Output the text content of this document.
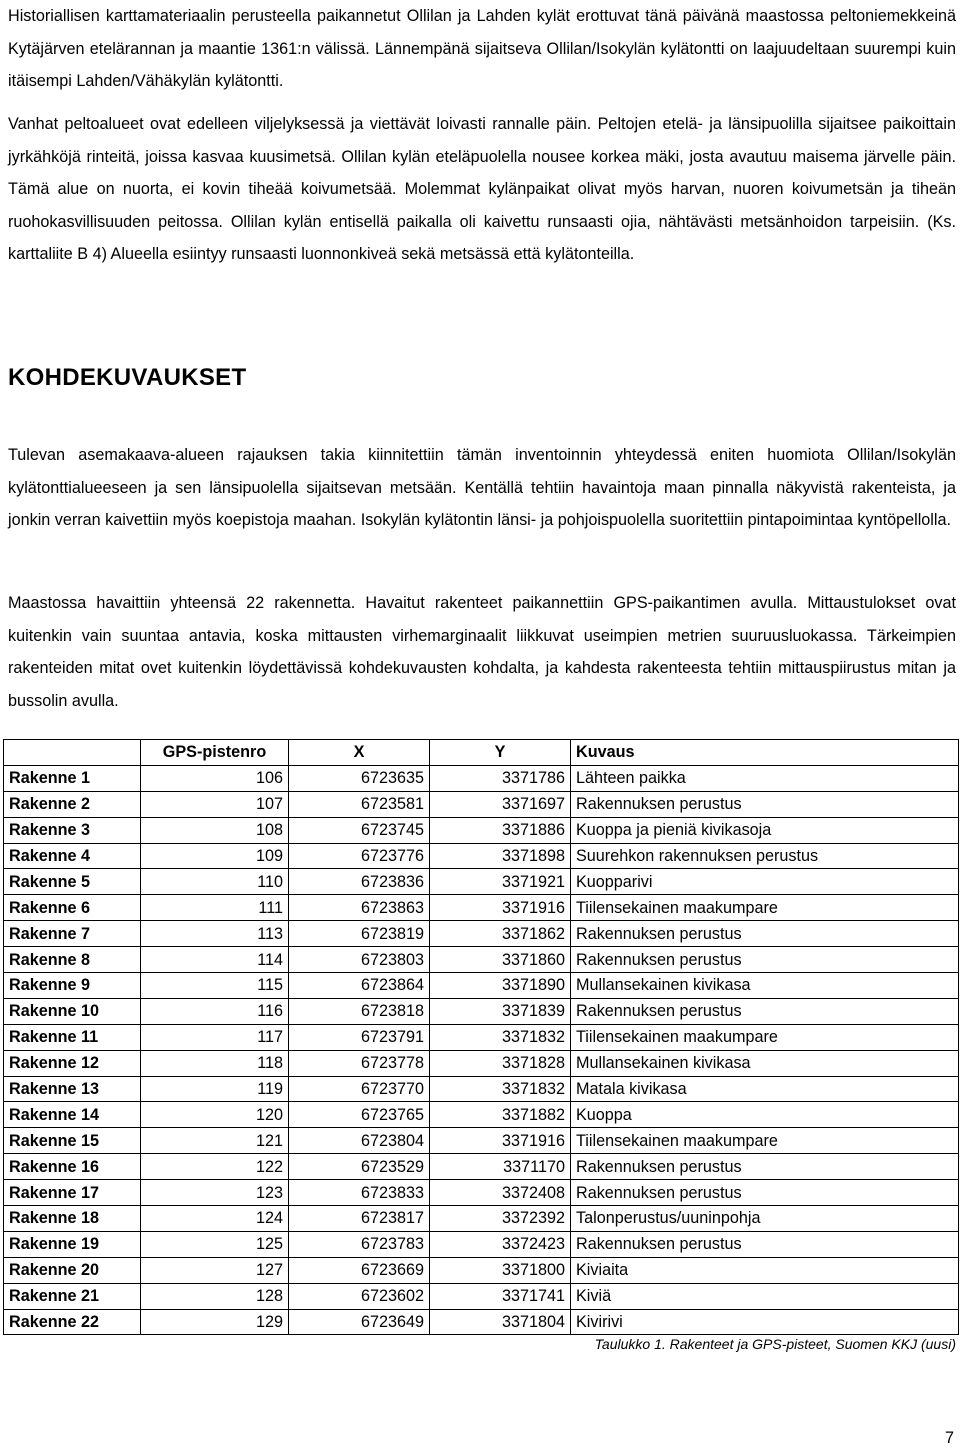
Historiallisen karttamateriaalin perusteella paikannetut Ollilan ja Lahden kylät erottuvat tänä päivänä maastossa peltoniemekkeinä Kytäjärven etelärannan ja maantie 1361:n välissä. Lännempänä sijaitseva Ollilan/Isokylän kylätontti on laajuudeltaan suurempi kuin itäisempi Lahden/Vähäkylän kylätontti.

Vanhat peltoalueet ovat edelleen viljelyksessä ja viettävät loivasti rannalle päin. Peltojen etelä- ja länsipuolilla sijaitsee paikoittain jyrkähköjä rinteitä, joissa kasvaa kuusimetsä. Ollilan kylän eteläpuolella nousee korkea mäki, josta avautuu maisema järvelle päin. Tämä alue on nuorta, ei kovin tiheää koivumetsää. Molemmat kylänpaikat olivat myös harvan, nuoren koivumetsän ja tiheän ruohokasvillisuuden peitossa. Ollilan kylän entisellä paikalla oli kaivettu runsaasti ojia, nähtävästi metsänhoidon tarpeisiin. (Ks. karttaliite B 4) Alueella esiintyy runsaasti luonnonkiveä sekä metsässä että kylätonteilla.

KOHDEKUVAUKSET

Tulevan asemakaava-alueen rajauksen takia kiinnitettiin tämän inventoinnin yhteydessä eniten huomiota Ollilan/Isokylän kylätonttialueeseen ja sen länsipuolella sijaitsevan metsään. Kentällä tehtiin havaintoja maan pinnalla näkyvistä rakenteista, ja jonkin verran kaivettiin myös koepistoja maahan. Isokylän kylätontin länsi- ja pohjoispuolella suoritettiin pintapoimintaa kyntöpellolla.

Maastossa havaittiin yhteensä 22 rakennetta. Havaitut rakenteet paikannettiin GPS-paikantimen avulla. Mittaustulokset ovat kuitenkin vain suuntaa antavia, koska mittausten virhemarginaalit liikkuvat useimpien metrien suuruusluokassa. Tärkeimpien rakenteiden mitat ovet kuitenkin löydettävissä kohdekuvausten kohdalta, ja kahdesta rakenteesta tehtiin mittauspiirustus mitan ja bussolin avulla.

	GPS-pistenro	X	Y	Kuvaus
Rakenne 1	106	6723635	3371786	Lähteen paikka
Rakenne 2	107	6723581	3371697	Rakennuksen perustus
Rakenne 3	108	6723745	3371886	Kuoppa ja pieniä kivikasoja
Rakenne 4	109	6723776	3371898	Suurehkon rakennuksen perustus
Rakenne 5	110	6723836	3371921	Kuopparivi
Rakenne 6	111	6723863	3371916	Tiilensekainen maakumpare
Rakenne 7	113	6723819	3371862	Rakennuksen perustus
Rakenne 8	114	6723803	3371860	Rakennuksen perustus
Rakenne 9	115	6723864	3371890	Mullansekainen kivikasa
Rakenne 10	116	6723818	3371839	Rakennuksen perustus
Rakenne 11	117	6723791	3371832	Tiilensekainen maakumpare
Rakenne 12	118	6723778	3371828	Mullansekainen kivikasa
Rakenne 13	119	6723770	3371832	Matala kivikasa
Rakenne 14	120	6723765	3371882	Kuoppa
Rakenne 15	121	6723804	3371916	Tiilensekainen maakumpare
Rakenne 16	122	6723529	3371170	Rakennuksen perustus
Rakenne 17	123	6723833	3372408	Rakennuksen perustus
Rakenne 18	124	6723817	3372392	Talonperustus/uuninpohja
Rakenne 19	125	6723783	3372423	Rakennuksen perustus
Rakenne 20	127	6723669	3371800	Kiviaita
Rakenne 21	128	6723602	3371741	Kiviä
Rakenne 22	129	6723649	3371804	Kivirivi

Taulukko 1. Rakenteet ja GPS-pisteet, Suomen KKJ (uusi)

7
